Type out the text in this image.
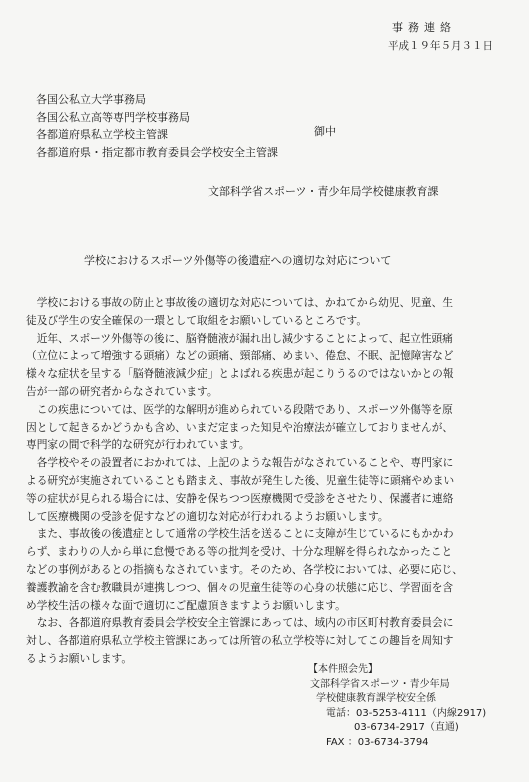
事務連絡
平成１９年５月３１日
各国公私立大学事務局
各国公私立高等専門学校事務局
各都道府県私立学校主管課
各都道府県・指定都市教育委員会学校安全主管課
御中
文部科学省スポーツ・青少年局学校健康教育課
学校におけるスポーツ外傷等の後遺症への適切な対応について
　学校における事故の防止と事故後の適切な対応については、かねてから幼児、児童、生
徒及び学生の安全確保の一環として取組をお願いしているところです。
　近年、スポーツ外傷等の後に、脳脊髄液が漏れ出し減少することによって、起立性頭痛
（立位によって増強する頭痛）などの頭痛、頸部痛、めまい、倦怠、不眠、記憶障害など
様々な症状を呈する「脳脊髄液減少症」とよばれる疾患が起こりうるのではないかとの報
告が一部の研究者からなされています。
　この疾患については、医学的な解明が進められている段階であり、スポーツ外傷等を原
因として起きるかどうかも含め、いまだ定まった知見や治療法が確立しておりませんが、
専門家の間で科学的な研究が行われています。
　各学校やその設置者におかれては、上記のような報告がなされていることや、専門家に
よる研究が実施されていることも踏まえ、事故が発生した後、児童生徒等に頭痛やめまい
等の症状が見られる場合には、安静を保ちつつ医療機関で受診をさせたり、保護者に連絡
して医療機関の受診を促すなどの適切な対応が行われるようお願いします。
　また、事故後の後遺症として通常の学校生活を送ることに支障が生じているにもかかわ
らず、まわりの人から単に怠慢である等の批判を受け、十分な理解を得られなかったこと
などの事例があるとの指摘もなされています。そのため、各学校においては、必要に応じ、
養護教諭を含む教職員が連携しつつ、個々の児童生徒等の心身の状態に応じ、学習面を含
め学校生活の様々な面で適切にご配慮頂きますようお願いします。
　なお、各都道府県教育委員会学校安全主管課にあっては、域内の市区町村教育委員会に
対し、各都道府県私立学校主管課にあっては所管の私立学校等に対してこの趣旨を周知す
るようお願いします。
【本件照会先】
文部科学省スポーツ・青少年局
学校健康教育課学校安全係
電話：03-5253-4111（内線2917)
03-6734-2917（直通)
FAX ：03-6734-3794
